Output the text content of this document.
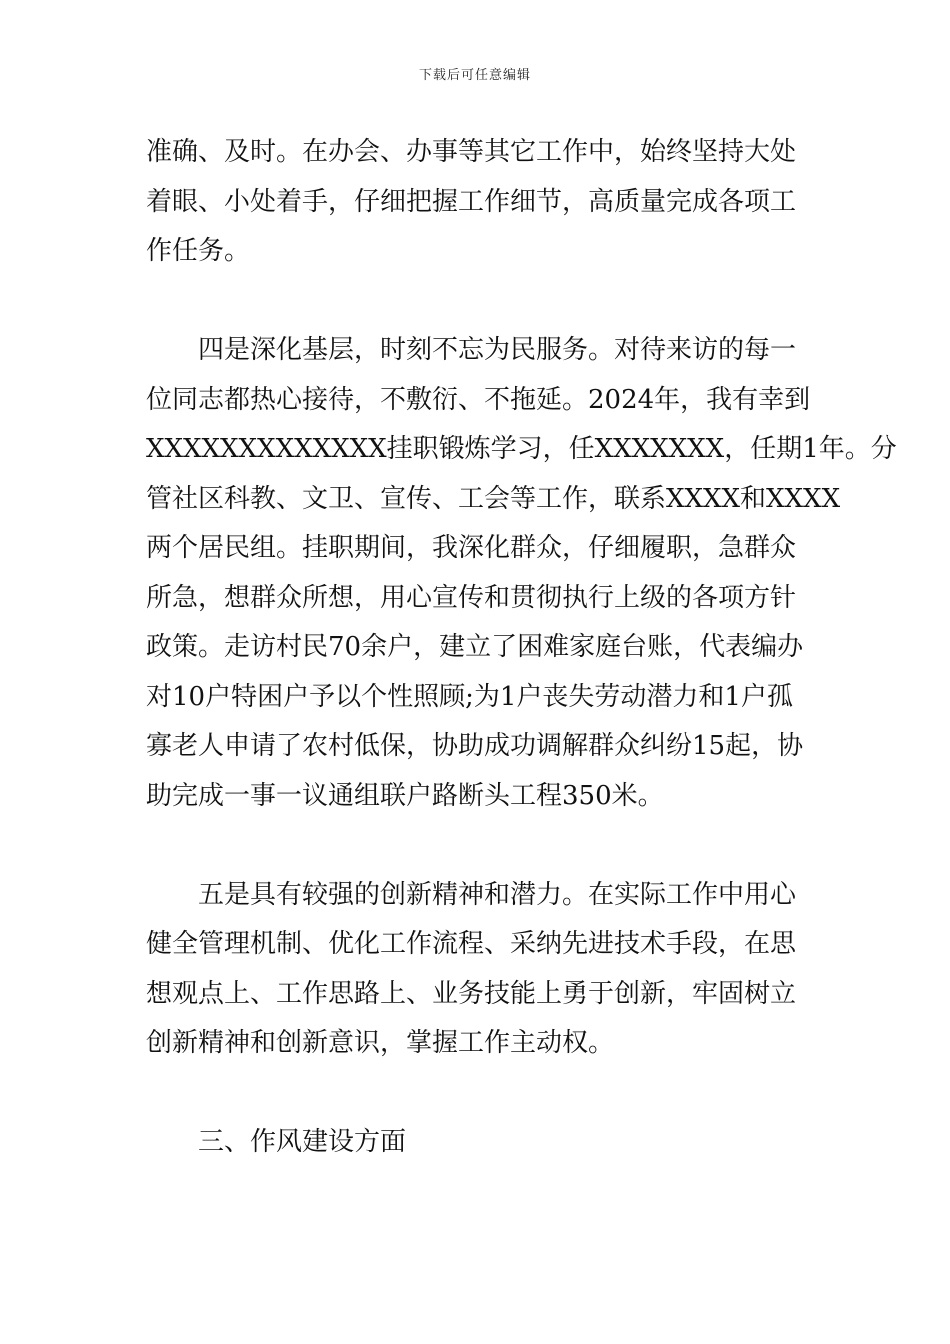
下载后可任意编辑
准确、及时。在办会、办事等其它工作中，始终坚持大处
着眼、小处着手，仔细把握工作细节，高质量完成各项工
作任务。
四是深化基层，时刻不忘为民服务。对待来访的每一
位同志都热心接待，不敷衍、不拖延。2024年，我有幸到
XXXXXXXXXXXXX挂职锻炼学习，任XXXXXXX，任期1年。分
管社区科教、文卫、宣传、工会等工作，联系XXXX和XXXX
两个居民组。挂职期间，我深化群众，仔细履职，急群众
所急，想群众所想，用心宣传和贯彻执行上级的各项方针
政策。走访村民70余户，建立了困难家庭台账，代表编办
对10户特困户予以个性照顾;为1户丧失劳动潜力和1户孤
寡老人申请了农村低保，协助成功调解群众纠纷15起，协
助完成一事一议通组联户路断头工程350米。
五是具有较强的创新精神和潜力。在实际工作中用心
健全管理机制、优化工作流程、采纳先进技术手段，在思
想观点上、工作思路上、业务技能上勇于创新，牢固树立
创新精神和创新意识，掌握工作主动权。
三、作风建设方面
